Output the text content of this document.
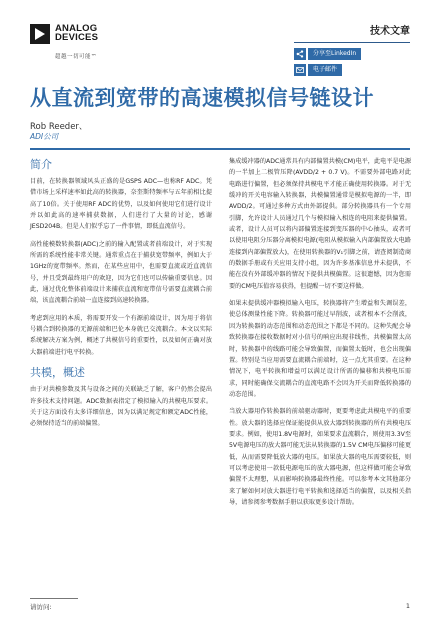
ANALOG
DEVICES
超越一切可能™
技术文章
分享至LinkedIn
电子邮件
从直流到宽带的高速模拟信号链设计
Rob Reeder、
ADI公司
简介

目前，在转换器领域风头正盛的是GSPS ADC—也称RF ADC。凭借市场上采样速率如此高的转换器，奈奎斯特频率与五年前相比提高了10倍。关于使用RF ADC的优势，以及如何使用它们进行设计并以如此高的速率捕获数据，人们进行了大量的讨论，感谢JESD204B。但是人们似乎忘了一件事情，即低直流信号。

高性能模数转换器(ADC)之前的输入配置或者前端设计，对于实现所需的系统性能非常关键。通常重点在于捕获宽带频率，例如大于1GHz的宽带频率。然而，在某些应用中，也需要直流或近直流信号，并且受到最终用户的欢迎，因为它们也可以传输重要信息。因此，通过优化整体前端设计来捕获直流和宽带信号需要直流耦合前端，该直流耦合前端一直连接到高速转换器。

考虑到应用的本质，将需要开发一个有源前端设计，因为用于将信号耦合到转换器的无源前端和巴伦本身就已交流耦合。本文以实际系统解决方案为例，概述了共模信号的重要性，以及如何正确对放大器前端进行电平转换。

共模，概述

由于对共模参数及其与设备之间的关联缺乏了解，客户仍然会提出许多技术支持问题。ADC数据表指定了模拟输入的共模电压要求。关于这方面没有太多详细信息，因为以满足规定和额定ADC性能，必须保持适当的前端偏置。

集成缓冲器的ADC通常具有内部偏置共模(CM)电平，此电平是电源的一半加上二极管压降(AVDD/2 + 0.7 V)。不需要外部电路对此电路进行偏置，但必须保持共模电平才能正确使用转换器。对于无缓冲的开关电容输入转换器，共模偏置通常是模拟电源的一半，即AVDD/2。可通过多种方式由外部提供。部分转换器具有一个专用引脚，允许设计人员通过几个与模拟输入相连的电阻来提供偏置。或者，设计人员可以将内部偏置连接到变压器的中心抽头，或者可以使用电阻分压器分离模拟电源(电阻从模拟输入内部偏置放大电路连接到内部偏置放大)，在使用转换器的V₁引脚之前，请查阅制造商的数据手册或有关应用支持小组，因为许多基准信息并未提供，不能在没有外部缓冲器的情况下提供共模偏置。这很遗憾，因为您需要的CM电压值容易获得，但提醒一切不要这样做。

如果未提供缓冲器模拟输入电压，转换器将产生增益和失调误差，使总体测量性能下降。转换器可能过早削波，或者根本不会削波，因为转换器的动态范围和动态范围之下都是不同的。这种失配会导致转换器在接收数据时对小信号的响应出现非线性，共模偏置太高时，转换器中的线路可能会导致偏置，而偏置太低时，也会出现偏置。特别是当应用需要直流耦合前端时，这一点尤其重要。在这种情况下，电平转换和增益可以满足设计所需的偏移和共模电压需求，同时能确保交流耦合的直流电路不会因为开关而降低转换器的动态范围。

当放大器用作转换器的前端驱动器时，更要考虑此共模电平的重要性。放大器的选择应保证能提供从放大器到转换器的所有共模电压要求。例如，使用1.8V电源时，如果要求直流耦合，则使用3.3V至5V电源电压的放大器可能无法从转换器的1.5V CM电压偏移可能更低，从而需要降低放大器的电压。如果放大器的电压需要较低，则可以考虑使用一款低电源电压的放大器电源，但这样做可能会导致偏置不太理想，从而影响转换器最终性能。可以参考本文其他部分来了解如何对放大器进行电平转换和选择适当的偏置，以及相关指导，请参阅参考数据手册以获取更多设计帮助。

请访问:	1
